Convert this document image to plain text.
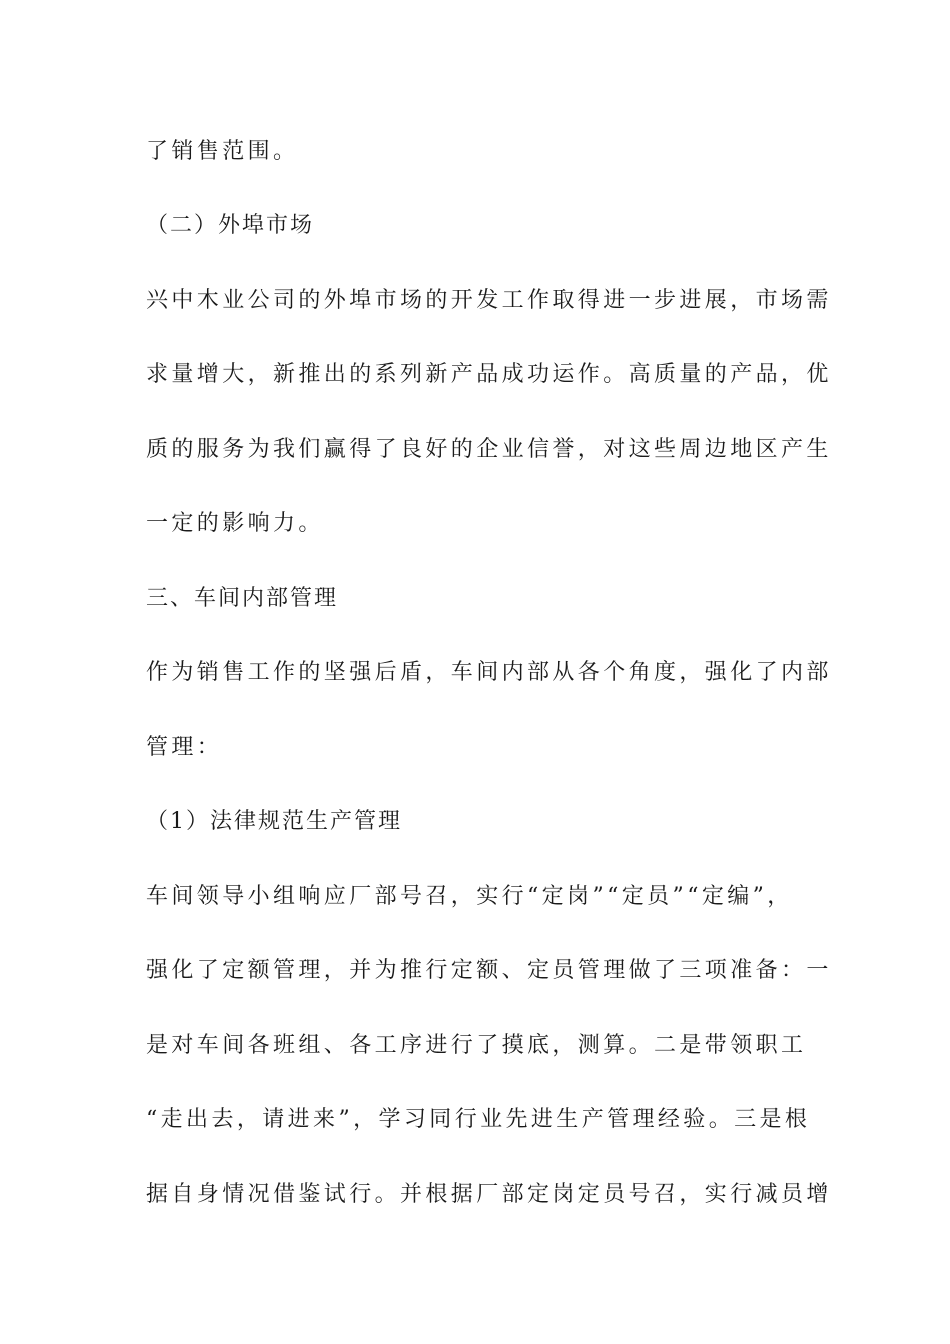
了销售范围。
（二）外埠市场
兴中木业公司的外埠市场的开发工作取得进一步进展，市场需
求量增大，新推出的系列新产品成功运作。高质量的产品，优
质的服务为我们赢得了良好的企业信誉，对这些周边地区产生
一定的影响力。
三、车间内部管理
作为销售工作的坚强后盾，车间内部从各个角度，强化了内部
管理：
（1）法律规范生产管理
车间领导小组响应厂部号召，实行“定岗”“定员”“定编”，
强化了定额管理，并为推行定额、定员管理做了三项准备：一
是对车间各班组、各工序进行了摸底，测算。二是带领职工
“走出去，请进来”，学习同行业先进生产管理经验。三是根
据自身情况借鉴试行。并根据厂部定岗定员号召，实行减员增
